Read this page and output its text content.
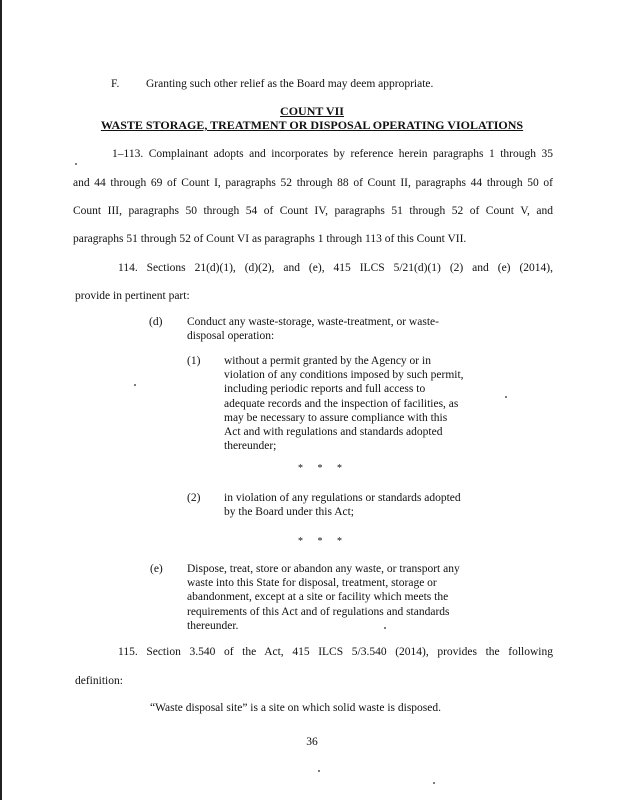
F. Granting such other relief as the Board may deem appropriate.
COUNT VII
WASTE STORAGE, TREATMENT OR DISPOSAL OPERATING VIOLATIONS
1–113. Complainant adopts and incorporates by reference herein paragraphs 1 through 35
and 44 through 69 of Count I, paragraphs 52 through 88 of Count II, paragraphs 44 through 50 of
Count III, paragraphs 50 through 54 of Count IV, paragraphs 51 through 52 of Count V, and
paragraphs 51 through 52 of Count VI as paragraphs 1 through 113 of this Count VII.
114. Sections 21(d)(1), (d)(2), and (e), 415 ILCS 5/21(d)(1) (2) and (e) (2014),
provide in pertinent part:
(d) Conduct any waste-storage, waste-treatment, or waste-
disposal operation:
(1) without a permit granted by the Agency or in
violation of any conditions imposed by such permit,
including periodic reports and full access to
adequate records and the inspection of facilities, as
may be necessary to assure compliance with this
Act and with regulations and standards adopted
thereunder;
* * *
(2) in violation of any regulations or standards adopted
by the Board under this Act;
* * *
(e) Dispose, treat, store or abandon any waste, or transport any
waste into this State for disposal, treatment, storage or
abandonment, except at a site or facility which meets the
requirements of this Act and of regulations and standards
thereunder.
115. Section 3.540 of the Act, 415 ILCS 5/3.540 (2014), provides the following
definition:
“Waste disposal site” is a site on which solid waste is disposed.
36
